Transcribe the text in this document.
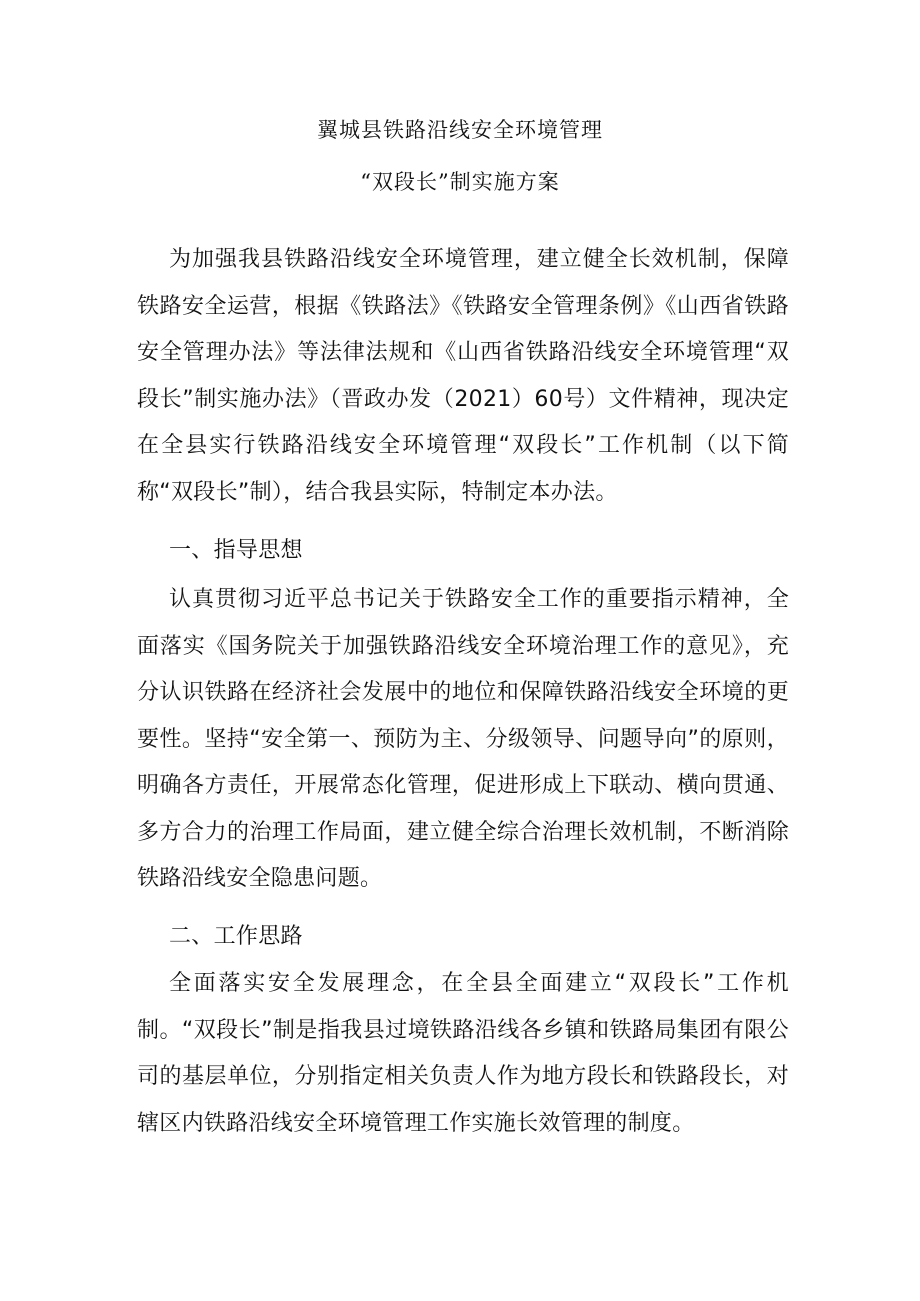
翼城县铁路沿线安全环境管理
“双段长”制实施方案

为加强我县铁路沿线安全环境管理，建立健全长效机制，保障铁路安全运营，根据《铁路法》《铁路安全管理条例》《山西省铁路安全管理办法》等法律法规和《山西省铁路沿线安全环境管理“双段长”制实施办法》（晋政办发（2021）60号）文件精神，现决定在全县实行铁路沿线安全环境管理“双段长”工作机制（以下简称“双段长”制），结合我县实际，特制定本办法。

一、指导思想

认真贯彻习近平总书记关于铁路安全工作的重要指示精神，全面落实《国务院关于加强铁路沿线安全环境治理工作的意见》，充分认识铁路在经济社会发展中的地位和保障铁路沿线安全环境的更要性。坚持“安全第一、预防为主、分级领导、问题导向”的原则，明确各方责任，开展常态化管理，促进形成上下联动、横向贯通、多方合力的治理工作局面，建立健全综合治理长效机制，不断消除铁路沿线安全隐患问题。

二、工作思路

全面落实安全发展理念，在全县全面建立“双段长”工作机制。“双段长”制是指我县过境铁路沿线各乡镇和铁路局集团有限公司的基层单位，分别指定相关负责人作为地方段长和铁路段长，对辖区内铁路沿线安全环境管理工作实施长效管理的制度。
